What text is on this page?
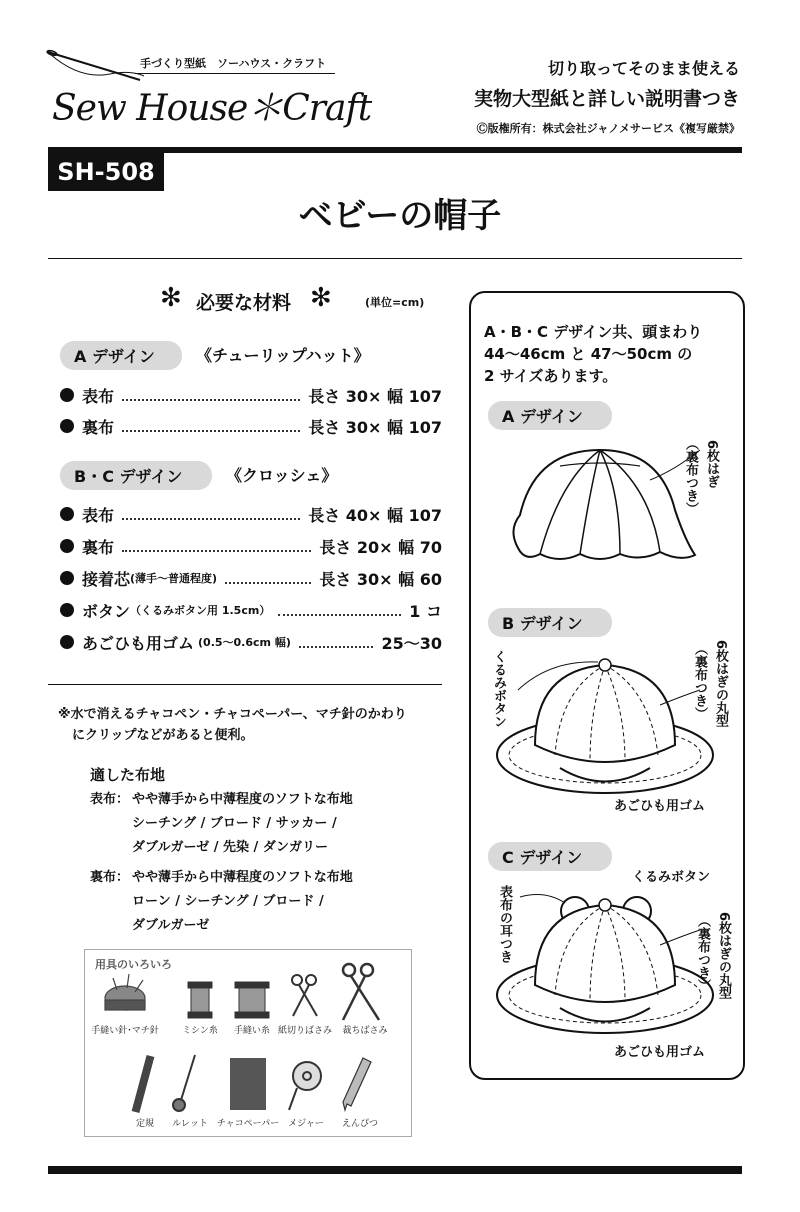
手づくり型紙　ソーハウス・クラフト
Sew House＊Craft
切り取ってそのまま使える
実物大型紙と詳しい説明書つき
Ⓒ版権所有：株式会社ジャノメサービス《複写厳禁》
SH-508
ベビーの帽子
✻ 必要な材料 ✻	(単位=cm)
A デザイン	《チューリップハット》
表布	長さ 30× 幅 107
裏布	長さ 30× 幅 107
B・C デザイン	《クロッシェ》
表布	長さ 40× 幅 107
裏布	長さ 20× 幅 70
接着芯 (薄手～普通程度)	長さ 30× 幅 60
ボタン （くるみボタン用 1.5cm）	1 コ
あごひも用ゴム (0.5～0.6cm 幅)	25～30
※水で消えるチャコペン・チャコペーパー、マチ針のかわり
にクリップなどがあると便利。
適した布地
表布： やや薄手から中薄程度のソフトな布地
シーチング / ブロード / サッカー /
ダブルガーゼ / 先染 / ダンガリー
裏布： やや薄手から中薄程度のソフトな布地
ローン / シーチング / ブロード /
ダブルガーゼ
用具のいろいろ
手縫い針･マチ針	ミシン糸	手縫い糸 紙切りばさみ	裁ちばさみ
定規	ルレット	チャコペーパー メジャー	えんぴつ
A・B・C デザイン共、頭まわり
44～46cm と 47～50cm の
2 サイズあります。
A デザイン
6枚はぎ
（裏布つき）
B デザイン
くるみボタン	6枚はぎの丸型
（裏布つき）
あごひも用ゴム
C デザイン
くるみボタン
表布の耳つき	6枚はぎの丸型
（裏布つき）
あごひも用ゴム
